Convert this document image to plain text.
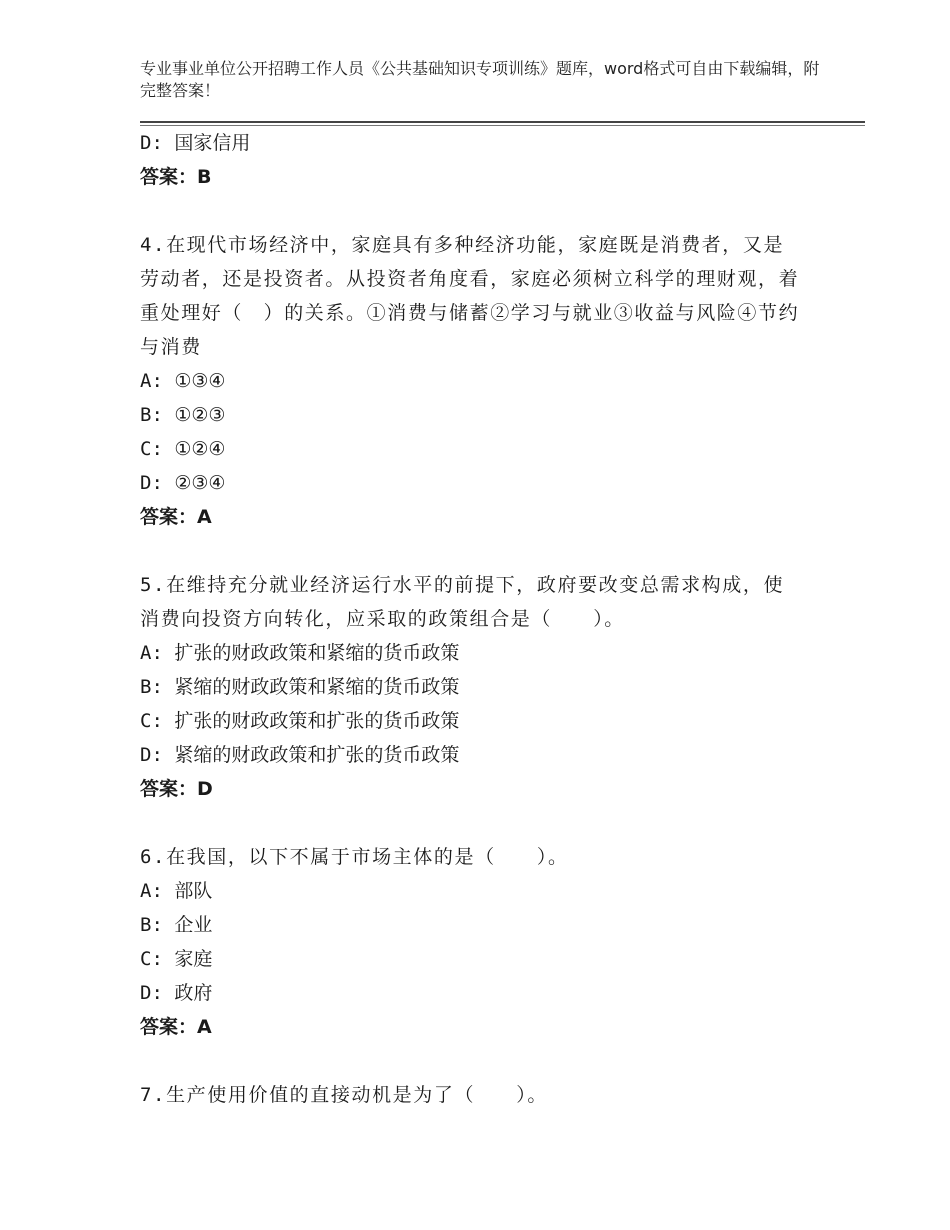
专业事业单位公开招聘工作人员《公共基础知识专项训练》题库，word格式可自由下载编辑，附完整答案！
D: 国家信用
答案：B
4.在现代市场经济中，家庭具有多种经济功能，家庭既是消费者，又是劳动者，还是投资者。从投资者角度看，家庭必须树立科学的理财观，着重处理好（　）的关系。①消费与储蓄②学习与就业③收益与风险④节约与消费
A: ①③④
B: ①②③
C: ①②④
D: ②③④
答案：A
5.在维持充分就业经济运行水平的前提下，政府要改变总需求构成，使消费向投资方向转化，应采取的政策组合是（　　）。
A: 扩张的财政政策和紧缩的货币政策
B: 紧缩的财政政策和紧缩的货币政策
C: 扩张的财政政策和扩张的货币政策
D: 紧缩的财政政策和扩张的货币政策
答案：D
6.在我国，以下不属于市场主体的是（　　）。
A: 部队
B: 企业
C: 家庭
D: 政府
答案：A
7.生产使用价值的直接动机是为了（　　）。
